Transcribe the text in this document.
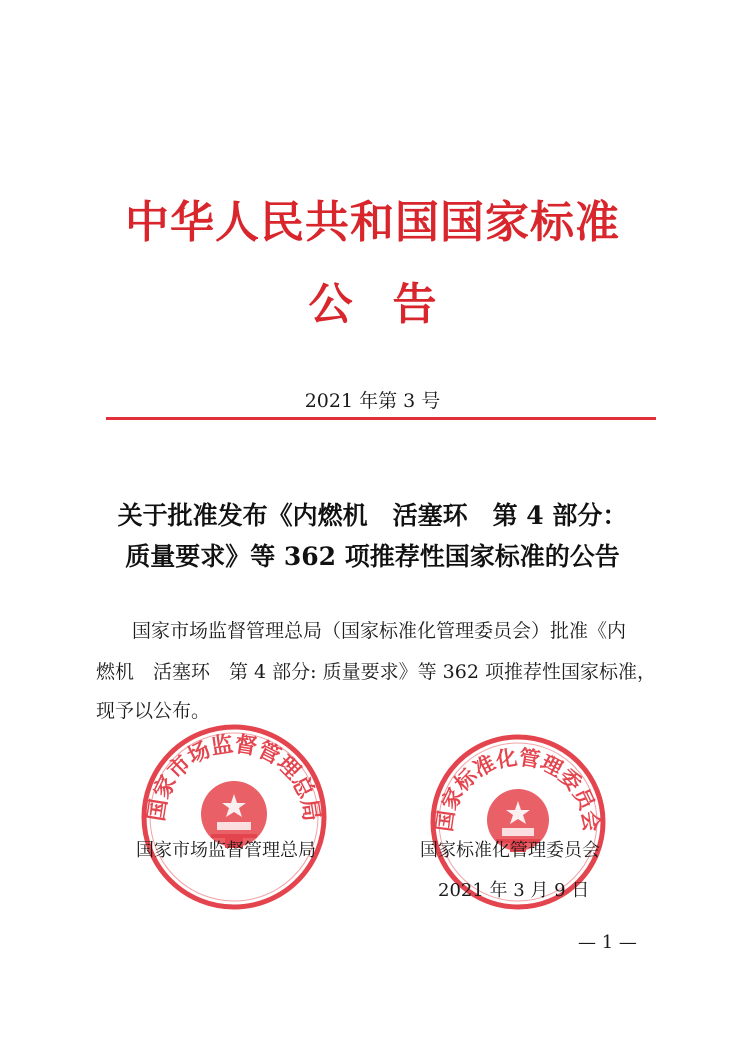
中华人民共和国国家标准
公告
2021 年第 3 号
关于批准发布《内燃机　活塞环　第 4 部分：
质量要求》等 362 项推荐性国家标准的公告
国家市场监督管理总局（国家标准化管理委员会）批准《内
燃机　活塞环　第 4 部分: 质量要求》等 362 项推荐性国家标准，
现予以公布。
国家市场监督管理总局	国家标准化管理委员会
国家市场监督管理总局	国家标准化管理委员会
2021 年 3 月 9 日
— 1 —
